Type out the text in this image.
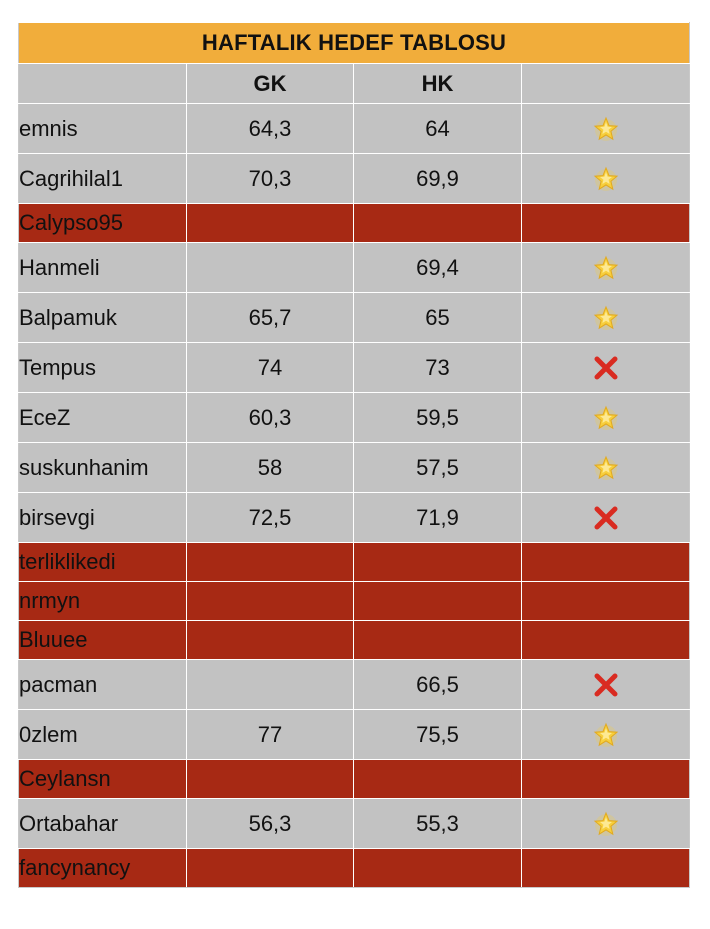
HAFTALIK HEDEF TABLOSU			
	GK	HK	
emnis	64,3	64	

Cagrihilal1	70,3	69,9	

Calypso95			
Hanmeli		69,4	

Balpamuk	65,7	65	

Tempus	74	73	

EceZ	60,3	59,5	

suskunhanim	58	57,5	

birsevgi	72,5	71,9	

terliklikedi			
nrmyn			
Bluuee			
pacman		66,5	

0zlem	77	75,5	

Ceylansn			
Ortabahar	56,3	55,3	

fancynancy			
